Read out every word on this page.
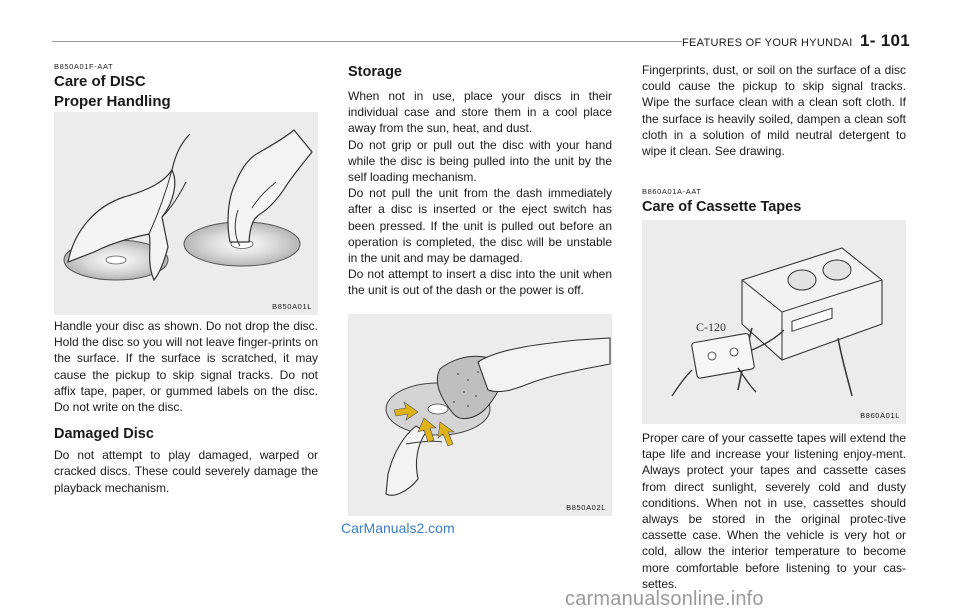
FEATURES OF YOUR HYUNDAI 1- 101
B850A01F-AAT
Care of DISC
Proper Handling
B850A01L

Handle your disc as shown. Do not drop the disc. Hold the disc so you will not leave finger-prints on the surface. If the surface is scratched, it may cause the pickup to skip signal tracks. Do not affix tape, paper, or gummed labels on the disc. Do not write on the disc.

Damaged Disc

Do not attempt to play damaged, warped or cracked discs. These could severely damage the playback mechanism.

Storage

When not in use, place your discs in their individual case and store them in a cool place away from the sun, heat, and dust.
Do not grip or pull out the disc with your hand while the disc is being pulled into the unit by the self loading mechanism.
Do not pull the unit from the dash immediately after a disc is inserted or the eject switch has been pressed. If the unit is pulled out before an operation is completed, the disc will be unstable in the unit and may be damaged.
Do not attempt to insert a disc into the unit when the unit is out of the dash or the power is off.

B850A02L

Fingerprints, dust, or soil on the surface of a disc could cause the pickup to skip signal tracks. Wipe the surface clean with a clean soft cloth. If the surface is heavily soiled, dampen a clean soft cloth in a solution of mild neutral detergent to wipe it clean. See drawing.

B860A01A-AAT
Care of Cassette Tapes
C-120
B860A01L

Proper care of your cassette tapes will extend the tape life and increase your listening enjoy-ment. Always protect your tapes and cassette cases from direct sunlight, severely cold and dusty conditions. When not in use, cassettes should always be stored in the original protec-tive cassette case. When the vehicle is very hot or cold, allow the interior temperature to become more comfortable before listening to your cas-settes.

CarManuals2.com
carmanualsonline.info
